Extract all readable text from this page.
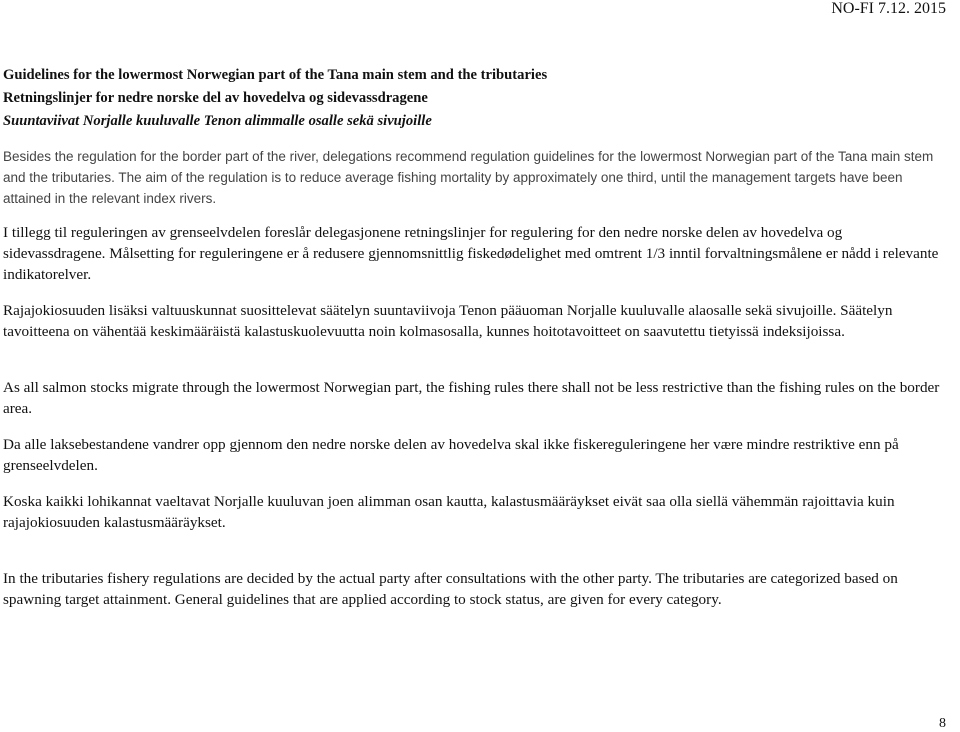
NO-FI 7.12. 2015

Guidelines for the lowermost Norwegian part of the Tana main stem and the tributaries

Retningslinjer for nedre norske del av hovedelva og sidevassdragene

Suuntaviivat Norjalle kuuluvalle Tenon alimmalle osalle sekä sivujoille

Besides the regulation for the border part of the river, delegations recommend regulation guidelines for the lowermost Norwegian part of the Tana main stem and the tributaries. The aim of the regulation is to reduce average fishing mortality by approximately one third, until the management targets have been attained in the relevant index rivers.

I tillegg til reguleringen av grenseelvdelen foreslår delegasjonene retningslinjer for regulering for den nedre norske delen av hovedelva og sidevassdragene. Målsetting for reguleringene er å redusere gjennomsnittlig fiskedødelighet med omtrent 1/3 inntil forvaltningsmålene er nådd i relevante indikatorelver.

Rajajokiosuuden lisäksi valtuuskunnat suosittelevat säätelyn suuntaviivoja Tenon pääuoman Norjalle kuuluvalle alaosalle sekä sivujoille. Säätelyn tavoitteena on vähentää keskimääräistä kalastuskuolevuutta noin kolmasosalla, kunnes hoitotavoitteet on saavutettu tietyissä indeksijoissa.

As all salmon stocks migrate through the lowermost Norwegian part, the fishing rules there shall not be less restrictive than the fishing rules on the border area.

Da alle laksebestandene vandrer opp gjennom den nedre norske delen av hovedelva skal ikke fiskereguleringene her være mindre restriktive enn på grenseelvdelen.

Koska kaikki lohikannat vaeltavat Norjalle kuuluvan joen alimman osan kautta, kalastusmääräykset eivät saa olla siellä vähemmän rajoittavia kuin rajajokiosuuden kalastusmääräykset.

In the tributaries fishery regulations are decided by the actual party after consultations with the other party. The tributaries are categorized based on spawning target attainment. General guidelines that are applied according to stock status, are given for every category.

8
